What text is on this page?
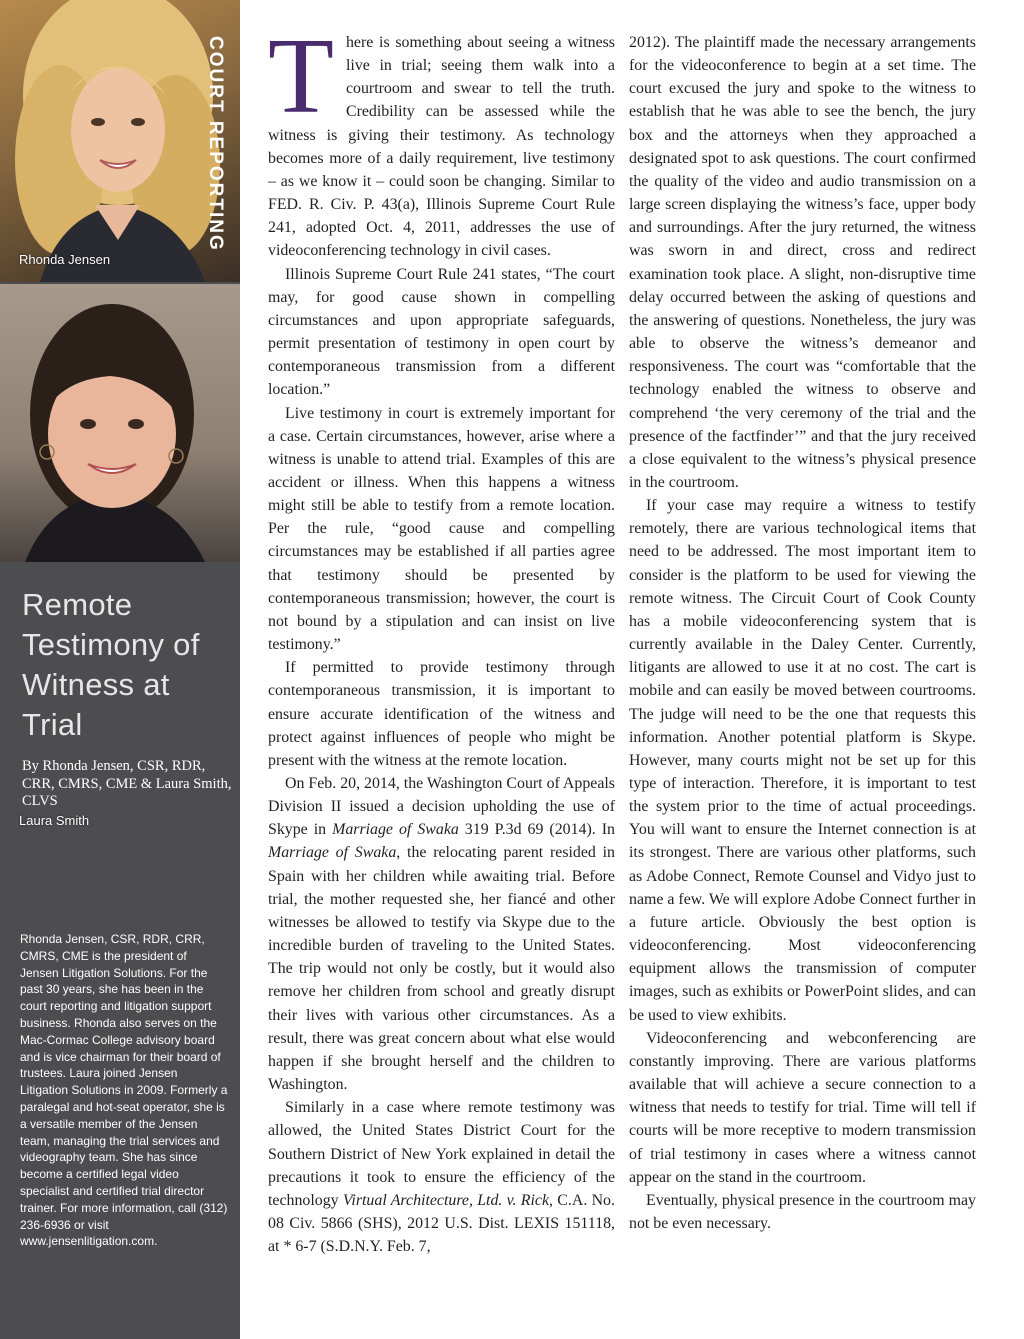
Rhonda Jensen
COURT REPORTING
Laura Smith
Remote Testimony of Witness at Trial
By Rhonda Jensen, CSR, RDR, CRR, CMRS, CME & Laura Smith, CLVS
Rhonda Jensen, CSR, RDR, CRR, CMRS, CME is the president of Jensen Litigation Solutions. For the past 30 years, she has been in the court reporting and litigation support business. Rhonda also serves on the Mac-Cormac College advisory board and is vice chairman for their board of trustees. Laura joined Jensen Litigation Solutions in 2009. Formerly a paralegal and hot-seat operator, she is a versatile member of the Jensen team, managing the trial services and videography team. She has since become a certified legal video specialist and certified trial director trainer. For more information, call (312) 236-6936 or visit www.jensenlitigation.com.

There is something about seeing a witness live in trial; seeing them walk into a courtroom and swear to tell the truth. Credibility can be assessed while the witness is giving their testimony. As technology becomes more of a daily requirement, live testimony – as we know it – could soon be changing. Similar to FED. R. Civ. P. 43(a), Illinois Supreme Court Rule 241, adopted Oct. 4, 2011, addresses the use of videoconferencing technology in civil cases.

Illinois Supreme Court Rule 241 states, “The court may, for good cause shown in compelling circumstances and upon appropriate safeguards, permit presentation of testimony in open court by contemporaneous transmission from a different location.”

Live testimony in court is extremely important for a case. Certain circumstances, however, arise where a witness is unable to attend trial. Examples of this are accident or illness. When this happens a witness might still be able to testify from a remote location. Per the rule, “good cause and compelling circumstances may be established if all parties agree that testimony should be presented by contemporaneous transmission; however, the court is not bound by a stipulation and can insist on live testimony.”

If permitted to provide testimony through contemporaneous transmission, it is important to ensure accurate identification of the witness and protect against influences of people who might be present with the witness at the remote location.

On Feb. 20, 2014, the Washington Court of Appeals Division II issued a decision upholding the use of Skype in Marriage of Swaka 319 P.3d 69 (2014). In Marriage of Swaka, the relocating parent resided in Spain with her children while awaiting trial. Before trial, the mother requested she, her fiancé and other witnesses be allowed to testify via Skype due to the incredible burden of traveling to the United States. The trip would not only be costly, but it would also remove her children from school and greatly disrupt their lives with various other circumstances. As a result, there was great concern about what else would happen if she brought herself and the children to Washington.

Similarly in a case where remote testimony was allowed, the United States District Court for the Southern District of New York explained in detail the precautions it took to ensure the efficiency of the technology Virtual Architecture, Ltd. v. Rick, C.A. No. 08 Civ. 5866 (SHS), 2012 U.S. Dist. LEXIS 151118, at * 6-7 (S.D.N.Y. Feb. 7,

2012). The plaintiff made the necessary arrangements for the videoconference to begin at a set time. The court excused the jury and spoke to the witness to establish that he was able to see the bench, the jury box and the attorneys when they approached a designated spot to ask questions. The court confirmed the quality of the video and audio transmission on a large screen displaying the witness’s face, upper body and surroundings. After the jury returned, the witness was sworn in and direct, cross and redirect examination took place. A slight, non-disruptive time delay occurred between the asking of questions and the answering of questions. Nonetheless, the jury was able to observe the witness’s demeanor and responsiveness. The court was “comfortable that the technology enabled the witness to observe and comprehend ‘the very ceremony of the trial and the presence of the factfinder’” and that the jury received a close equivalent to the witness’s physical presence in the courtroom.

If your case may require a witness to testify remotely, there are various technological items that need to be addressed. The most important item to consider is the platform to be used for viewing the remote witness. The Circuit Court of Cook County has a mobile videoconferencing system that is currently available in the Daley Center. Currently, litigants are allowed to use it at no cost. The cart is mobile and can easily be moved between courtrooms. The judge will need to be the one that requests this information. Another potential platform is Skype. However, many courts might not be set up for this type of interaction. Therefore, it is important to test the system prior to the time of actual proceedings. You will want to ensure the Internet connection is at its strongest. There are various other platforms, such as Adobe Connect, Remote Counsel and Vidyo just to name a few. We will explore Adobe Connect further in a future article. Obviously the best option is videoconferencing. Most videoconferencing equipment allows the transmission of computer images, such as exhibits or PowerPoint slides, and can be used to view exhibits.

Videoconferencing and webconferencing are constantly improving. There are various platforms available that will achieve a secure connection to a witness that needs to testify for trial. Time will tell if courts will be more receptive to modern transmission of trial testimony in cases where a witness cannot appear on the stand in the courtroom.

Eventually, physical presence in the courtroom may not be even necessary.
